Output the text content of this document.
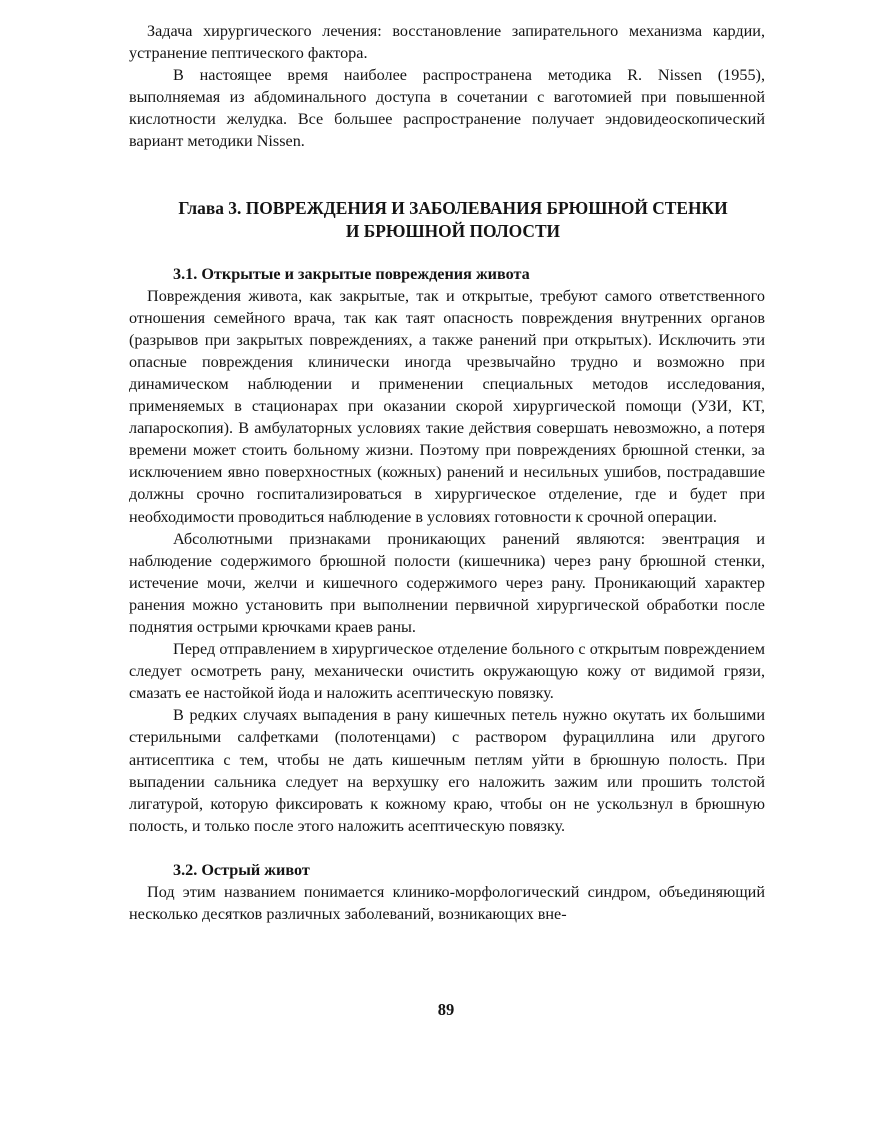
Задача хирургического лечения: восстановление запирательного механизма кардии, устранение пептического фактора.

В настоящее время наиболее распространена методика R. Nissen (1955), выполняемая из абдоминального доступа в сочетании с ваготомией при повышенной кислотности желудка. Все большее распространение получает эндовидеоскопический вариант методики Nissen.

Глава 3. ПОВРЕЖДЕНИЯ И ЗАБОЛЕВАНИЯ БРЮШНОЙ СТЕНКИ
И БРЮШНОЙ ПОЛОСТИ
3.1. Открытые и закрытые повреждения живота

Повреждения живота, как закрытые, так и открытые, требуют самого ответственного отношения семейного врача, так как таят опасность повреждения внутренних органов (разрывов при закрытых повреждениях, а также ранений при открытых). Исключить эти опасные повреждения клинически иногда чрезвычайно трудно и возможно при динамическом наблюдении и применении специальных методов исследования, применяемых в стационарах при оказании скорой хирургической помощи (УЗИ, КТ, лапароскопия). В амбулаторных условиях такие действия совершать невозможно, а потеря времени может стоить больному жизни. Поэтому при повреждениях брюшной стенки, за исключением явно поверхностных (кожных) ранений и несильных ушибов, пострадавшие должны срочно госпитализироваться в хирургическое отделение, где и будет при необходимости проводиться наблюдение в условиях готовности к срочной операции.

Абсолютными признаками проникающих ранений являются: эвентрация и наблюдение содержимого брюшной полости (кишечника) через рану брюшной стенки, истечение мочи, желчи и кишечного содержимого через рану. Проникающий характер ранения можно установить при выполнении первичной хирургической обработки после поднятия острыми крючками краев раны.

Перед отправлением в хирургическое отделение больного с открытым повреждением следует осмотреть рану, механически очистить окружающую кожу от видимой грязи, смазать ее настойкой йода и наложить асептическую повязку.

В редких случаях выпадения в рану кишечных петель нужно окутать их большими стерильными салфетками (полотенцами) с раствором фурациллина или другого антисептика с тем, чтобы не дать кишечным петлям уйти в брюшную полость. При выпадении сальника следует на верхушку его наложить зажим или прошить толстой лигатурой, которую фиксировать к кожному краю, чтобы он не ускользнул в брюшную полость, и только после этого наложить асептическую повязку.

3.2. Острый живот

Под этим названием понимается клинико-морфологический синдром, объединяющий несколько десятков различных заболеваний, возникающих вне-

89
